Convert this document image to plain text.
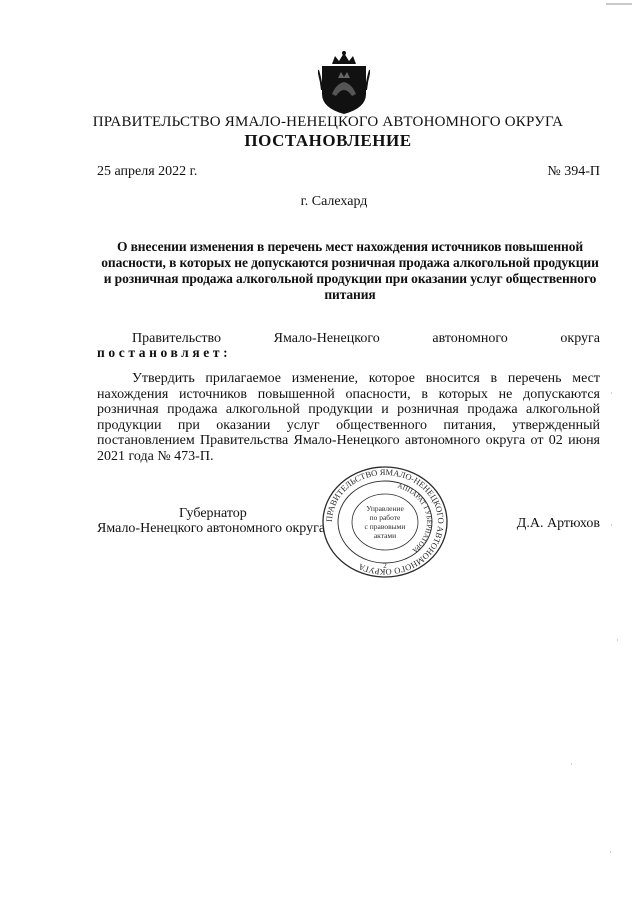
ПРАВИТЕЛЬСТВО ЯМАЛО-НЕНЕЦКОГО АВТОНОМНОГО ОКРУГА
ПОСТАНОВЛЕНИЕ
25 апреля 2022 г.	№ 394-П
г. Салехард
О внесении изменения в перечень мест нахождения источников повышенной опасности, в которых не допускаются розничная продажа алкогольной продукции и розничная продажа алкогольной продукции при оказании услуг общественного питания
Правительство	Ямало-Ненецкого	автономного	округа
постановляет:
Утвердить прилагаемое изменение, которое вносится в перечень мест нахождения источников повышенной опасности, в которых не допускаются розничная продажа алкогольной продукции и розничная продажа алкогольной продукции при оказании услуг общественного питания, утвержденный постановлением Правительства Ямало-Ненецкого автономного округа от 02 июня 2021 года № 473-П.
Губернатор
Ямало-Ненецкого автономного округа
ПРАВИТЕЛЬСТВО ЯМАЛО-НЕНЕЦКОГО АВТОНОМНОГО ОКРУГА
АППАРАТ ГУБЕРНАТОРА
Управление
по работе
с правовыми
актами
2
Д.А. Артюхов
